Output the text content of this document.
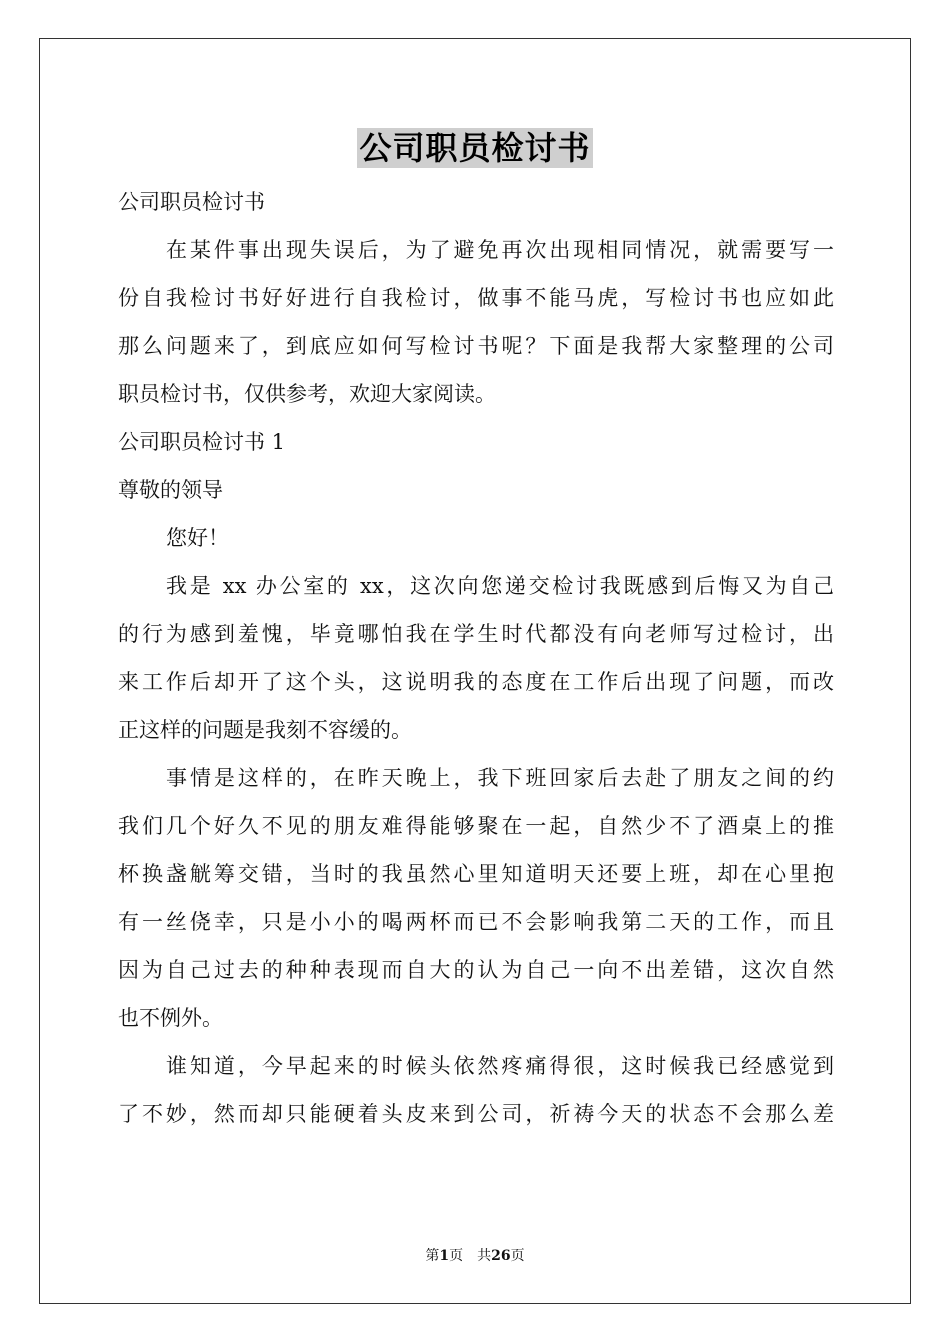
公司职员检讨书
公司职员检讨书
在某件事出现失误后，为了避免再次出现相同情况，就需要写一
份自我检讨书好好进行自我检讨，做事不能马虎，写检讨书也应如此
那么问题来了，到底应如何写检讨书呢？下面是我帮大家整理的公司
职员检讨书，仅供参考，欢迎大家阅读。
公司职员检讨书 1
尊敬的领导
您好！
我是 xx 办公室的 xx，这次向您递交检讨我既感到后悔又为自己
的行为感到羞愧，毕竟哪怕我在学生时代都没有向老师写过检讨，出
来工作后却开了这个头，这说明我的态度在工作后出现了问题，而改
正这样的问题是我刻不容缓的。
事情是这样的，在昨天晚上，我下班回家后去赴了朋友之间的约
我们几个好久不见的朋友难得能够聚在一起，自然少不了酒桌上的推
杯换盏觥筹交错，当时的我虽然心里知道明天还要上班，却在心里抱
有一丝侥幸，只是小小的喝两杯而已不会影响我第二天的工作，而且
因为自己过去的种种表现而自大的认为自己一向不出差错，这次自然
也不例外。
谁知道，今早起来的时候头依然疼痛得很，这时候我已经感觉到
了不妙，然而却只能硬着头皮来到公司，祈祷今天的状态不会那么差
第1页 共26页
